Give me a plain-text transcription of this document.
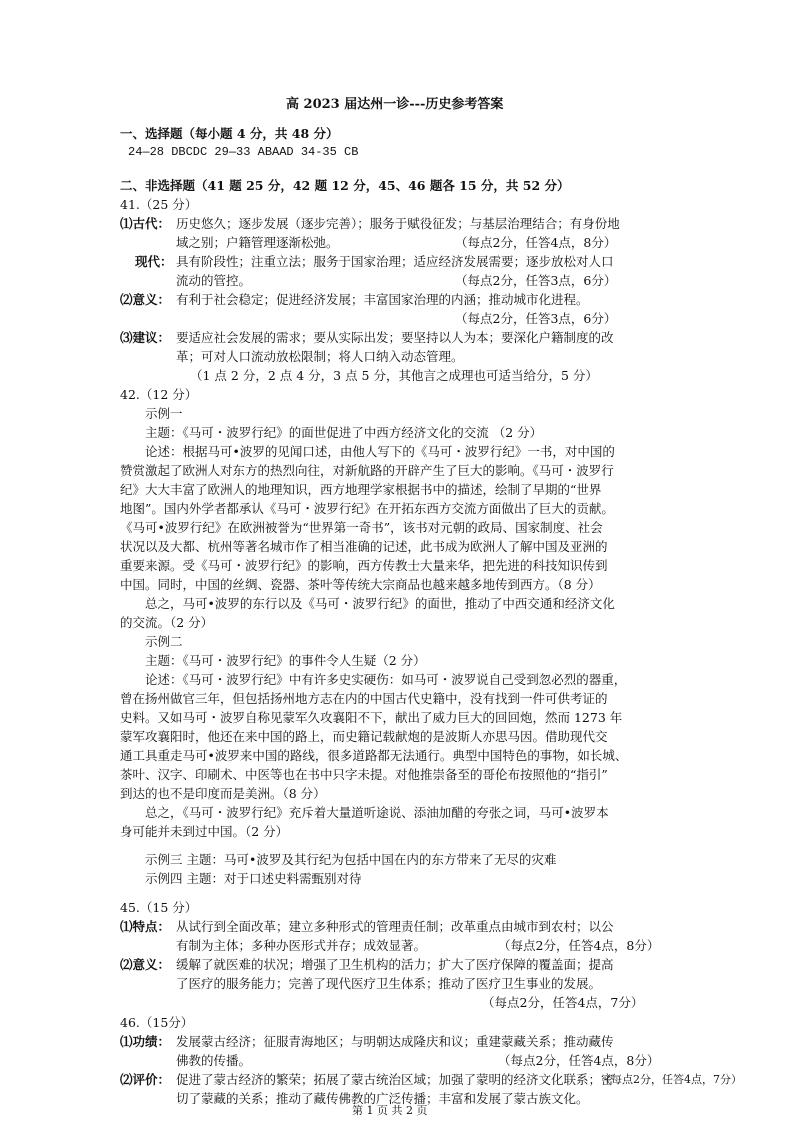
高 2023 届达州一诊---历史参考答案
一、选择题（每小题 4 分，共 48 分）
24—28 DBCDC 29—33 ABAAD 34-35 CB
二、非选择题（41 题 25 分，42 题 12 分，45、46 题各 15 分，共 52 分）
41.（25 分）
⑴古代： 历史悠久；逐步发展（逐步完善）；服务于赋役征发；与基层治理结合；有身份地
域之别；户籍管理逐渐松弛。	（每点2分，任答4点，8分）
现代： 具有阶段性；注重立法；服务于国家治理；适应经济发展需要；逐步放松对人口
流动的管控。	（每点2分，任答3点，6分）
⑵意义： 有利于社会稳定；促进经济发展；丰富国家治理的内涵；推动城市化进程。
（每点2分，任答3点，6分）
⑶建议： 要适应社会发展的需求；要从实际出发；要坚持以人为本；要深化户籍制度的改
革；可对人口流动放松限制；将人口纳入动态管理。
（1 点 2 分，2 点 4 分，3 点 5 分，其他言之成理也可适当给分，5 分）
42.（12 分）
示例一
主题：《马可・波罗行纪》的面世促进了中西方经济文化的交流 （2 分）
论述：根据马可•波罗的见闻口述，由他人写下的《马可・波罗行纪》一书，对中国的
赞赏激起了欧洲人对东方的热烈向往，对新航路的开辟产生了巨大的影响。《马可・波罗行
纪》大大丰富了欧洲人的地理知识，西方地理学家根据书中的描述，绘制了早期的“世界
地图”。国内外学者都承认《马可・波罗行纪》在开拓东西方交流方面做出了巨大的贡献。
《马可•波罗行纪》在欧洲被誉为“世界第一奇书”，该书对元朝的政局、国家制度、社会
状况以及大都、杭州等著名城市作了相当准确的记述，此书成为欧洲人了解中国及亚洲的
重要来源。受《马可・波罗行纪》的影响，西方传教士大量来华，把先进的科技知识传到
中国。同时，中国的丝绸、瓷器、茶叶等传统大宗商品也越来越多地传到西方。（8 分）
总之，马可•波罗的东行以及《马可・波罗行纪》的面世，推动了中西交通和经济文化
的交流。（2 分）
示例二
主题：《马可・波罗行纪》的事件令人生疑（2 分）
论述：《马可・波罗行纪》中有许多史实硬伤：如马可・波罗说自己受到忽必烈的器重，
曾在扬州做官三年，但包括扬州地方志在内的中国古代史籍中，没有找到一件可供考证的
史料。又如马可・波罗自称见蒙军久攻襄阳不下，献出了威力巨大的回回炮，然而 1273 年
蒙军攻襄阳时，他还在来中国的路上，而史籍记载献炮的是波斯人亦思马因。借助现代交
通工具重走马可•波罗来中国的路线，很多道路都无法通行。典型中国特色的事物，如长城、
茶叶、汉字、印刷术、中医等也在书中只字未提。对他推崇备至的哥伦布按照他的“指引”
到达的也不是印度而是美洲。（8 分）
总之，《马可・波罗行纪》充斥着大量道听途说、添油加醋的夸张之词，马可•波罗本
身可能并未到过中国。（2 分）
示例三 主题：马可•波罗及其行纪为包括中国在内的东方带来了无尽的灾难
示例四 主题：对于口述史料需甄别对待
45.（15 分）
⑴特点： 从试行到全面改革；建立多种形式的管理责任制；改革重点由城市到农村；以公
有制为主体；多种办医形式并存；成效显著。	（每点2分，任答4点，8分）
⑵意义： 缓解了就医难的状况；增强了卫生机构的活力；扩大了医疗保障的覆盖面；提高
了医疗的服务能力；完善了现代医疗卫生体系；推动了医疗卫生事业的发展。
（每点2分，任答4点，7分）
46.（15分）
⑴功绩： 发展蒙古经济；征服青海地区；与明朝达成隆庆和议；重建蒙藏关系；推动藏传
佛教的传播。	（每点2分，任答4点，8分）
⑵评价： 促进了蒙古经济的繁荣；拓展了蒙古统治区域；加强了蒙明的经济文化联系；密
切了蒙藏的关系；推动了藏传佛教的广泛传播；丰富和发展了蒙古族文化。
（每点2分，任答4点，7分）
第 1 页 共 2 页
